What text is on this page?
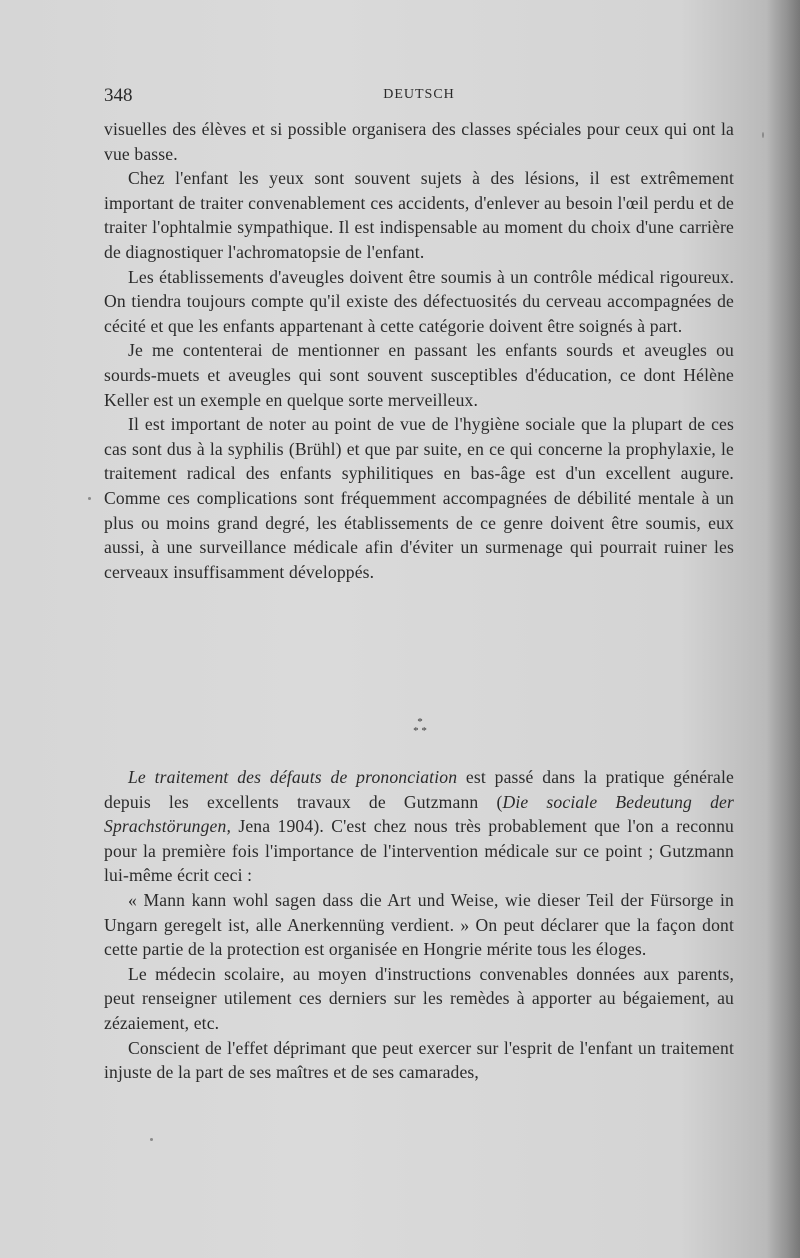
348	DEUTSCH

visuelles des élèves et si possible organisera des classes spéciales pour ceux qui ont la vue basse.

Chez l'enfant les yeux sont souvent sujets à des lésions, il est extrêmement important de traiter convenablement ces accidents, d'enlever au besoin l'œil perdu et de traiter l'ophtalmie sympathique. Il est indispensable au moment du choix d'une carrière de diagnostiquer l'achromatopsie de l'enfant.

Les établissements d'aveugles doivent être soumis à un contrôle médical rigoureux. On tiendra toujours compte qu'il existe des défectuosités du cerveau accompagnées de cécité et que les enfants appartenant à cette catégorie doivent être soignés à part.

Je me contenterai de mentionner en passant les enfants sourds et aveugles ou sourds-muets et aveugles qui sont souvent susceptibles d'éducation, ce dont Hélène Keller est un exemple en quelque sorte merveilleux.

Il est important de noter au point de vue de l'hygiène sociale que la plupart de ces cas sont dus à la syphilis (Brühl) et que par suite, en ce qui concerne la prophylaxie, le traitement radical des enfants syphilitiques en bas-âge est d'un excellent augure. Comme ces complications sont fréquemment accompagnées de débilité mentale à un plus ou moins grand degré, les établissements de ce genre doivent être soumis, eux aussi, à une surveillance médicale afin d'éviter un surmenage qui pourrait ruiner les cerveaux insuffisamment développés.

*
* *

Le traitement des défauts de prononciation est passé dans la pratique générale depuis les excellents travaux de Gutzmann (Die sociale Bedeutung der Sprachstörungen, Jena 1904). C'est chez nous très probablement que l'on a reconnu pour la première fois l'importance de l'intervention médicale sur ce point ; Gutzmann lui-même écrit ceci :

« Mann kann wohl sagen dass die Art und Weise, wie dieser Teil der Fürsorge in Ungarn geregelt ist, alle Anerkennüng verdient. » On peut déclarer que la façon dont cette partie de la protection est organisée en Hongrie mérite tous les éloges.

Le médecin scolaire, au moyen d'instructions convenables données aux parents, peut renseigner utilement ces derniers sur les remèdes à apporter au bégaiement, au zézaiement, etc.

Conscient de l'effet déprimant que peut exercer sur l'esprit de l'enfant un traitement injuste de la part de ses maîtres et de ses camarades,
